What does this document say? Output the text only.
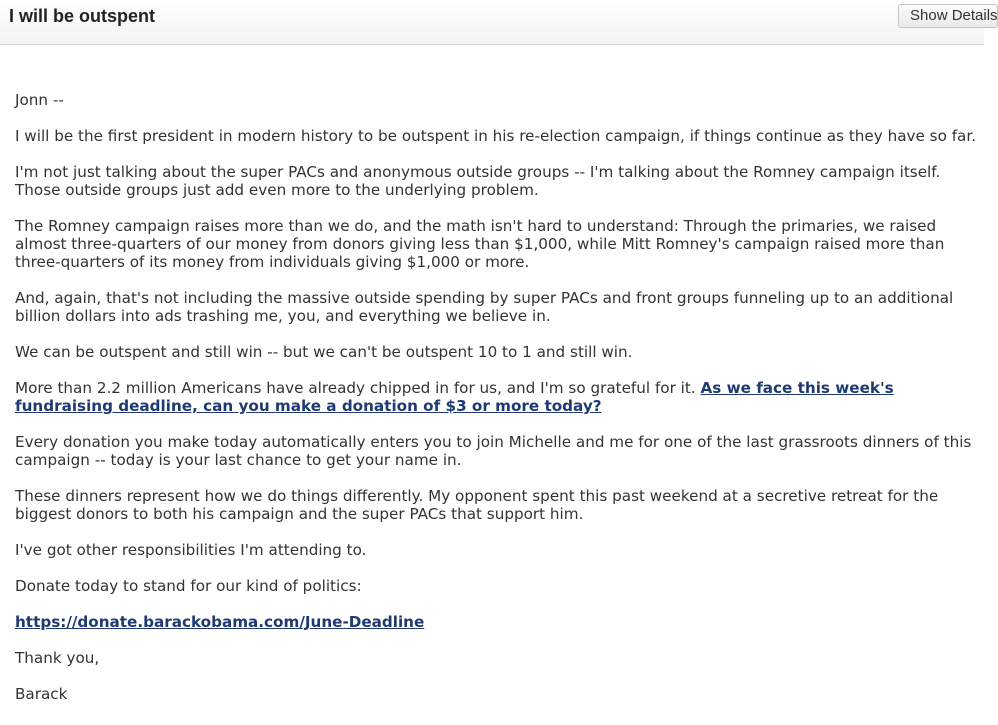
I will be outspent	Show Details

Jonn --

I will be the first president in modern history to be outspent in his re-election campaign, if things continue as they have so far.

I'm not just talking about the super PACs and anonymous outside groups -- I'm talking about the Romney campaign itself. Those outside groups just add even more to the underlying problem.

The Romney campaign raises more than we do, and the math isn't hard to understand: Through the primaries, we raised almost three-quarters of our money from donors giving less than $1,000, while Mitt Romney's campaign raised more than three-quarters of its money from individuals giving $1,000 or more.

And, again, that's not including the massive outside spending by super PACs and front groups funneling up to an additional billion dollars into ads trashing me, you, and everything we believe in.

We can be outspent and still win -- but we can't be outspent 10 to 1 and still win.

More than 2.2 million Americans have already chipped in for us, and I'm so grateful for it. As we face this week's fundraising deadline, can you make a donation of $3 or more today?

Every donation you make today automatically enters you to join Michelle and me for one of the last grassroots dinners of this campaign -- today is your last chance to get your name in.

These dinners represent how we do things differently. My opponent spent this past weekend at a secretive retreat for the biggest donors to both his campaign and the super PACs that support him.

I've got other responsibilities I'm attending to.

Donate today to stand for our kind of politics:

https://donate.barackobama.com/June-Deadline

Thank you,

Barack
